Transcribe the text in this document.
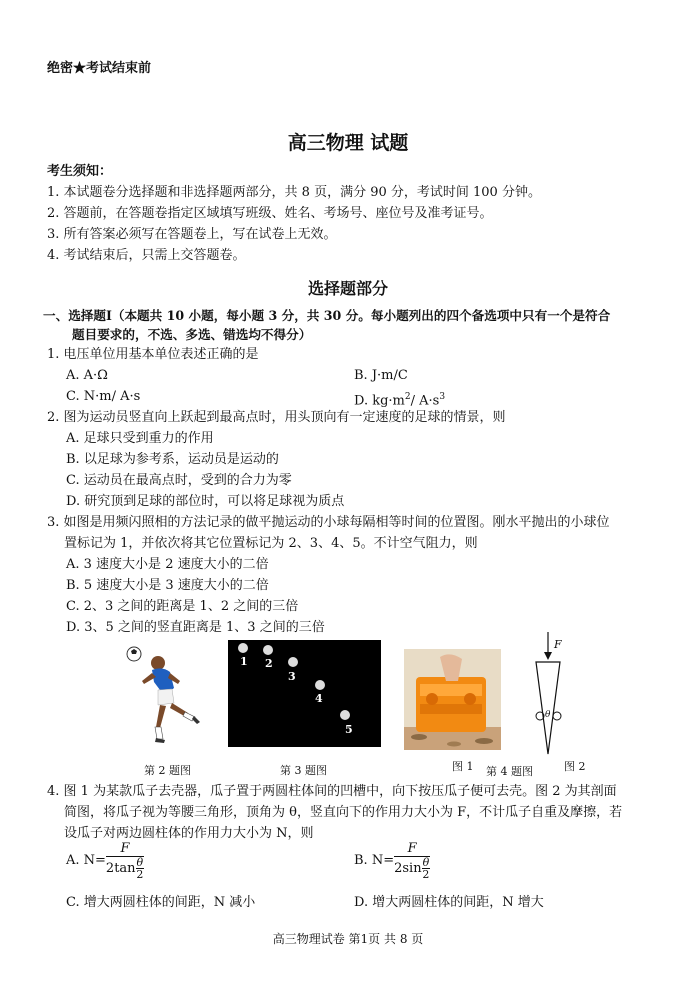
绝密★考试结束前
高三物理 试题
考生须知：
1. 本试题卷分选择题和非选择题两部分，共 8 页，满分 90 分，考试时间 100 分钟。
2. 答题前，在答题卷指定区域填写班级、姓名、考场号、座位号及准考证号。
3. 所有答案必须写在答题卷上，写在试卷上无效。
4. 考试结束后，只需上交答题卷。
选择题部分
一、选择题Ⅰ（本题共 10 小题，每小题 3 分，共 30 分。每小题列出的四个备选项中只有一个是符合
题目要求的，不选、多选、错选均不得分）
1. 电压单位用基本单位表述正确的是
A. A·Ω	B. J·m/C
C. N·m/ A·s	D. $kg\cdot m^2/$ $A\cdot s^3$
2. 图为运动员竖直向上跃起到最高点时，用头顶向有一定速度的足球的情景，则
A. 足球只受到重力的作用
B. 以足球为参考系，运动员是运动的
C. 运动员在最高点时，受到的合力为零
D. 研究顶到足球的部位时，可以将足球视为质点
3. 如图是用频闪照相的方法记录的做平抛运动的小球每隔相等时间的位置图。刚水平抛出的小球位
置标记为 1，并依次将其它位置标记为 2、3、4、5。不计空气阻力，则
A. 3 速度大小是 2 速度大小的二倍
B. 5 速度大小是 3 速度大小的二倍
C. 2、3 之间的距离是 1、2 之间的三倍
D. 3、5 之间的竖直距离是 1、3 之间的三倍
第 2 题图
1 2
3
4
5
第 3 题图	图 1 第 4 题图
F
θ
图 2
4. 图 1 为某款瓜子去壳器，瓜子置于两圆柱体间的凹槽中，向下按压瓜子便可去壳。图 2 为其剖面
简图，将瓜子视为等腰三角形，顶角为 θ，竖直向下的作用力大小为 F，不计瓜子自重及摩擦，若
设瓜子对两边圆柱体的作用力大小为 N，则
A. $N= \frac{F}{2\tan \frac{\theta}{2}}$	B. $N= \frac{F}{2\sin \frac{\theta}{2}}$
C. 增大两圆柱体的间距，N 减小	D. 增大两圆柱体的间距，N 增大
高三物理试卷 第1页 共 8 页
